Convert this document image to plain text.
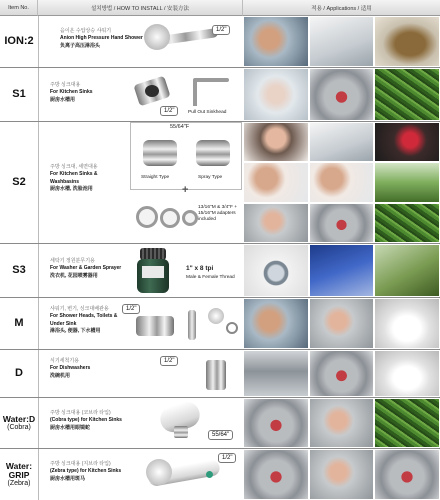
Item No.	설치방법 / HOW TO INSTALL / 安装方法	적용 / Applications / 适用
ION:2
음이온 수압상승 샤워기
Anion High Pressure Hand Shower
负离子高压淋浴头
1/2"
S1
주방 싱크대용
For Kitchen Sinks
厨房水槽用
1/2"	Pull Out Sinkhead
S2
55/64"F
Straight Type	Spray Type
+
주방 싱크대, 세면대용
For Kitchen Sinks & Washbasins
厨房水槽, 洗脸池用
13/16"M & 3/4"F + 15/16"M adapters included
S3
세탁기 정원분무기용
For Washer & Garden Sprayer
洗衣机, 花园喷雾器用
1" x 8 tpi
Male & Female Thread
M
샤워기, 변기, 싱크대배관용
For Shower Heads, Toilets & Under Sink
淋浴头, 便器, 下水槽用
1/2"
D
식기세척기용
For Dishwashers
洗碗机用
1/2"
Water:D
(Cobra)
주방 싱크대용 (코브라 타입)
(Cobra type) for Kitchen Sinks
厨房水槽用眼镜蛇
55/64"
Water: GRIP
(Zebra)
주방 싱크대용 (지브라 타입)
(Zebra type) for Kitchen Sinks
厨房水槽用斑马
1/2"
